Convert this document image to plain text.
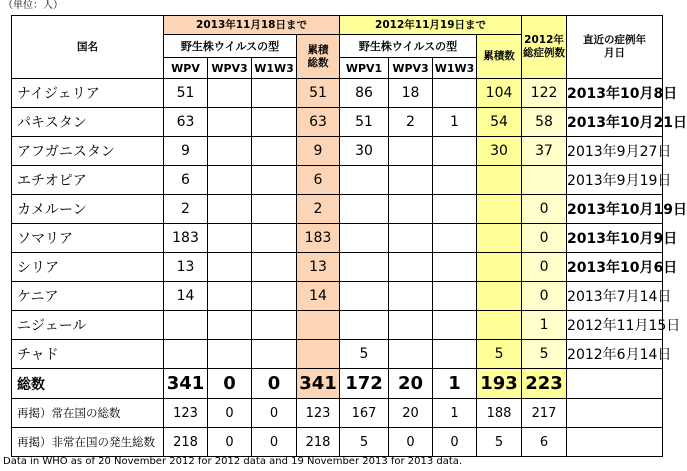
（単位：人）
国名	2013年11月18日まで				2012年11月19日まで				2012年総症例数	直近の症例年月日
	野生株ウイルスの型			累積総数	野生株ウイルスの型			累積数		
	WPV	WPV3	W1W3		WPV1	WPV3	W1W3			
ナイジェリア	51			51	86	18		104	122	2013年10月8日
パキスタン	63			63	51	2	1	54	58	2013年10月21日
アフガニスタン	9			9	30			30	37	2013年9月27日
エチオピア	6			6						2013年9月19日
カメルーン	2			2					0	2013年10月19日
ソマリア	183			183					0	2013年10月9日
シリア	13			13					0	2013年10月6日
ケニア	14			14					0	2013年7月14日
ニジェール									1	2012年11月15日
チャド					5			5	5	2012年6月14日
総数	341	0	0	341	172	20	1	193	223	
再掲）常在国の総数	123	0	0	123	167	20	1	188	217	
再掲）非常在国の発生総数	218	0	0	218	5	0	0	5	6	
Data in WHO as of 20 November 2012 for 2012 data and 19 November 2013 for 2013 data.
